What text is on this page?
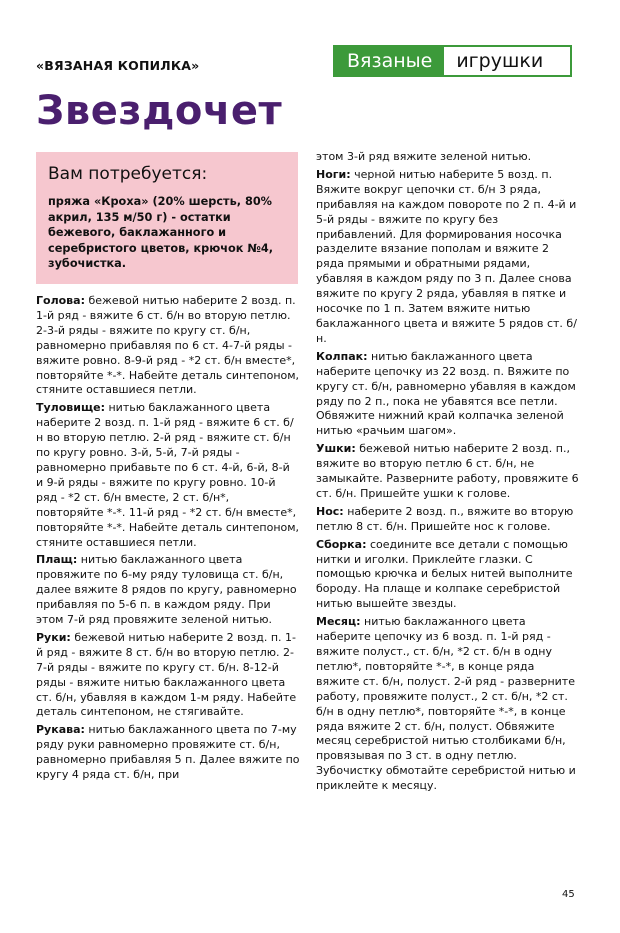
«ВЯЗАНАЯ КОПИЛКА»	Вязаные	игрушки
Звездочет
Вам потребуется:
пряжа «Кроха» (20% шерсть, 80% акрил, 135 м/50 г) - остатки бежевого, баклажанного и серебристого цветов, крючок №4, зубочистка.

Голова: бежевой нитью наберите 2 возд. п. 1-й ряд - вяжите 6 ст. б/н во вторую петлю. 2-3-й ряды - вяжите по кругу ст. б/н, равномерно прибавляя по 6 ст. 4-7-й ряды - вяжите ровно. 8-9-й ряд - *2 ст. б/н вместе*, повторяйте *-*. Набейте деталь синтепоном, стяните оставшиеся петли.

Туловище: нитью баклажанного цвета наберите 2 возд. п. 1-й ряд - вяжите 6 ст. б/н во вторую петлю. 2-й ряд - вяжите ст. б/н по кругу ровно. 3-й, 5-й, 7-й ряды - равномерно прибавьте по 6 ст. 4-й, 6-й, 8-й и 9-й ряды - вяжите по кругу ровно. 10-й ряд - *2 ст. б/н вместе, 2 ст. б/н*, повторяйте *-*. 11-й ряд - *2 ст. б/н вместе*, повторяйте *-*. Набейте деталь синтепоном, стяните оставшиеся петли.

Плащ: нитью баклажанного цвета провяжите по 6-му ряду туловища ст. б/н, далее вяжите 8 рядов по кругу, равномерно прибавляя по 5-6 п. в каждом ряду. При этом 7-й ряд провяжите зеленой нитью.

Руки: бежевой нитью наберите 2 возд. п. 1-й ряд - вяжите 8 ст. б/н во вторую петлю. 2-7-й ряды - вяжите по кругу ст. б/н. 8-12-й ряды - вяжите нитью баклажанного цвета ст. б/н, убавляя в каждом 1-м ряду. Набейте деталь синтепоном, не стягивайте.

Рукава: нитью баклажанного цвета по 7-му ряду руки равномерно провяжите ст. б/н, равномерно прибавляя 5 п. Далее вяжите по кругу 4 ряда ст. б/н, при

этом 3-й ряд вяжите зеленой нитью.

Ноги: черной нитью наберите 5 возд. п. Вяжите вокруг цепочки ст. б/н 3 ряда, прибавляя на каждом повороте по 2 п. 4-й и 5-й ряды - вяжите по кругу без прибавлений. Для формирования носочка разделите вязание пополам и вяжите 2 ряда прямыми и обратными рядами, убавляя в каждом ряду по 3 п. Далее снова вяжите по кругу 2 ряда, убавляя в пятке и носочке по 1 п. Затем вяжите нитью баклажанного цвета и вяжите 5 рядов ст. б/н.

Колпак: нитью баклажанного цвета наберите цепочку из 22 возд. п. Вяжите по кругу ст. б/н, равномерно убавляя в каждом ряду по 2 п., пока не убавятся все петли. Обвяжите нижний край колпачка зеленой нитью «рачьим шагом».

Ушки: бежевой нитью наберите 2 возд. п., вяжите во вторую петлю 6 ст. б/н, не замыкайте. Разверните работу, провяжите 6 ст. б/н. Пришейте ушки к голове.

Нос: наберите 2 возд. п., вяжите во вторую петлю 8 ст. б/н. Пришейте нос к голове.

Сборка: соедините все детали с помощью нитки и иголки. Приклейте глазки. С помощью крючка и белых нитей выполните бороду. На плаще и колпаке серебристой нитью вышейте звезды.

Месяц: нитью баклажанного цвета наберите цепочку из 6 возд. п. 1-й ряд - вяжите полуст., ст. б/н, *2 ст. б/н в одну петлю*, повторяйте *-*, в конце ряда вяжите ст. б/н, полуст. 2-й ряд - разверните работу, провяжите полуст., 2 ст. б/н, *2 ст. б/н в одну петлю*, повторяйте *-*, в конце ряда вяжите 2 ст. б/н, полуст. Обвяжите месяц серебристой нитью столбиками б/н, провязывая по 3 ст. в одну петлю. Зубочистку обмотайте серебристой нитью и приклейте к месяцу.

45
